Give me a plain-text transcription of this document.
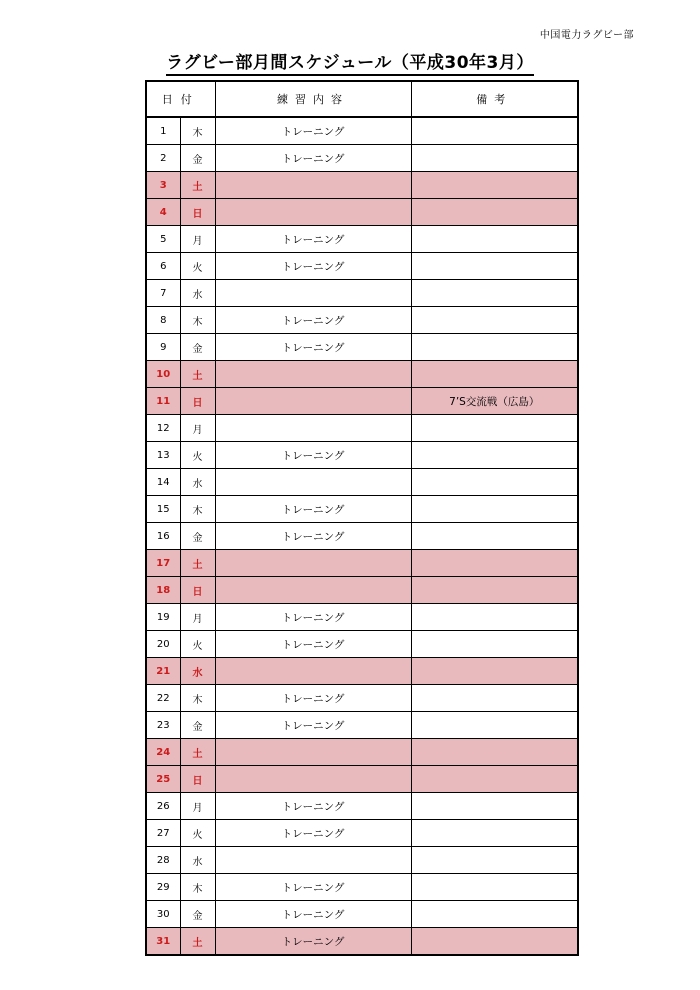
中国電力ラグビー部
ラグビー部月間スケジュール（平成30年3月）
日付		練習内容	備考
1	木	トレーニング	
2	金	トレーニング	
3	土		
4	日		
5	月	トレーニング	
6	火	トレーニング	
7	水		
8	木	トレーニング	
9	金	トレーニング	
10	土		
11	日		7’S交流戦（広島）
12	月		
13	火	トレーニング	
14	水		
15	木	トレーニング	
16	金	トレーニング	
17	土		
18	日		
19	月	トレーニング	
20	火	トレーニング	
21	水		
22	木	トレーニング	
23	金	トレーニング	
24	土		
25	日		
26	月	トレーニング	
27	火	トレーニング	
28	水		
29	木	トレーニング	
30	金	トレーニング	
31	土	トレーニング	
